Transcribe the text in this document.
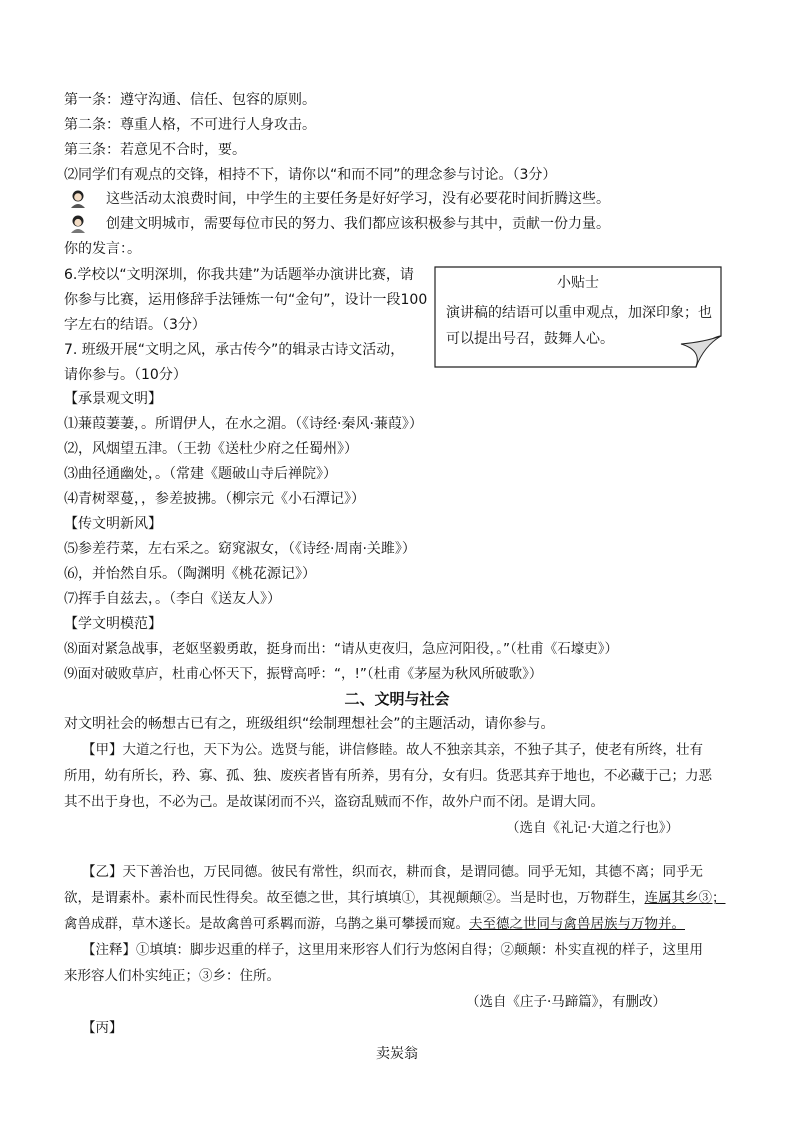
第一条：遵守沟通、信任、包容的原则。
第二条：尊重人格，不可进行人身攻击。
第三条：若意见不合时，要。
⑵同学们有观点的交锋，相持不下，请你以“和而不同”的理念参与讨论。（3分）
这些活动太浪费时间，中学生的主要任务是好好学习，没有必要花时间折腾这些。
创建文明城市，需要每位市民的努力、我们都应该积极参与其中，贡献一份力量。
你的发言：。
6.学校以“文明深圳，你我共建”为话题举办演讲比赛，请
你参与比赛，运用修辞手法锤炼一句“金句”，设计一段100
字左右的结语。（3分）
7. 班级开展“文明之风，承古传今”的辑录古诗文活动，
请你参与。（10分）
小贴士
演讲稿的结语可以重申观点，加深印象；也可以提出号召，鼓舞人心。
【承景观文明】
⑴蒹葭萋萋，。所谓伊人，在水之湄。（《诗经·秦风·蒹葭》）
⑵，风烟望五津。（王勃《送杜少府之任蜀州》）
⑶曲径通幽处，。（常建《题破山寺后禅院》）
⑷青树翠蔓，，参差披拂。（柳宗元《小石潭记》）
【传文明新风】
⑸参差荇菜，左右采之。窈窕淑女，（《诗经·周南·关雎》）
⑹，并怡然自乐。（陶渊明《桃花源记》）
⑺挥手自兹去，。（李白《送友人》）
【学文明模范】
⑻面对紧急战事，老妪坚毅勇敢，挺身而出：“请从吏夜归，急应河阳役，。”（杜甫《石壕吏》）
⑼面对破败草庐，杜甫心怀天下，振臂高呼：“，!”（杜甫《茅屋为秋风所破歌》）
二、文明与社会
对文明社会的畅想古已有之，班级组织“绘制理想社会”的主题活动，请你参与。
【甲】大道之行也，天下为公。选贤与能，讲信修睦。故人不独亲其亲，不独子其子，使老有所终，壮有
所用，幼有所长，矜、寡、孤、独、废疾者皆有所养，男有分，女有归。货恶其弃于地也，不必藏于己；力恶
其不出于身也，不必为己。是故谋闭而不兴，盗窃乱贼而不作，故外户而不闭。是谓大同。
（选自《礼记·大道之行也》）
【乙】天下善治也，万民同德。彼民有常性，织而衣，耕而食，是谓同德。同乎无知，其德不离；同乎无
欲，是谓素朴。素朴而民性得矣。故至德之世，其行填填①，其视颠颠②。当是时也，万物群生，连属其乡③；
禽兽成群，草木遂长。是故禽兽可系羁而游，乌鹊之巢可攀援而窥。夫至德之世同与禽兽居族与万物并。
【注释】①填填：脚步迟重的样子，这里用来形容人们行为悠闲自得；②颠颠：朴实直视的样子，这里用
来形容人们朴实纯正；③乡：住所。
（选自《庄子·马蹄篇》，有删改）
【丙】
卖炭翁
